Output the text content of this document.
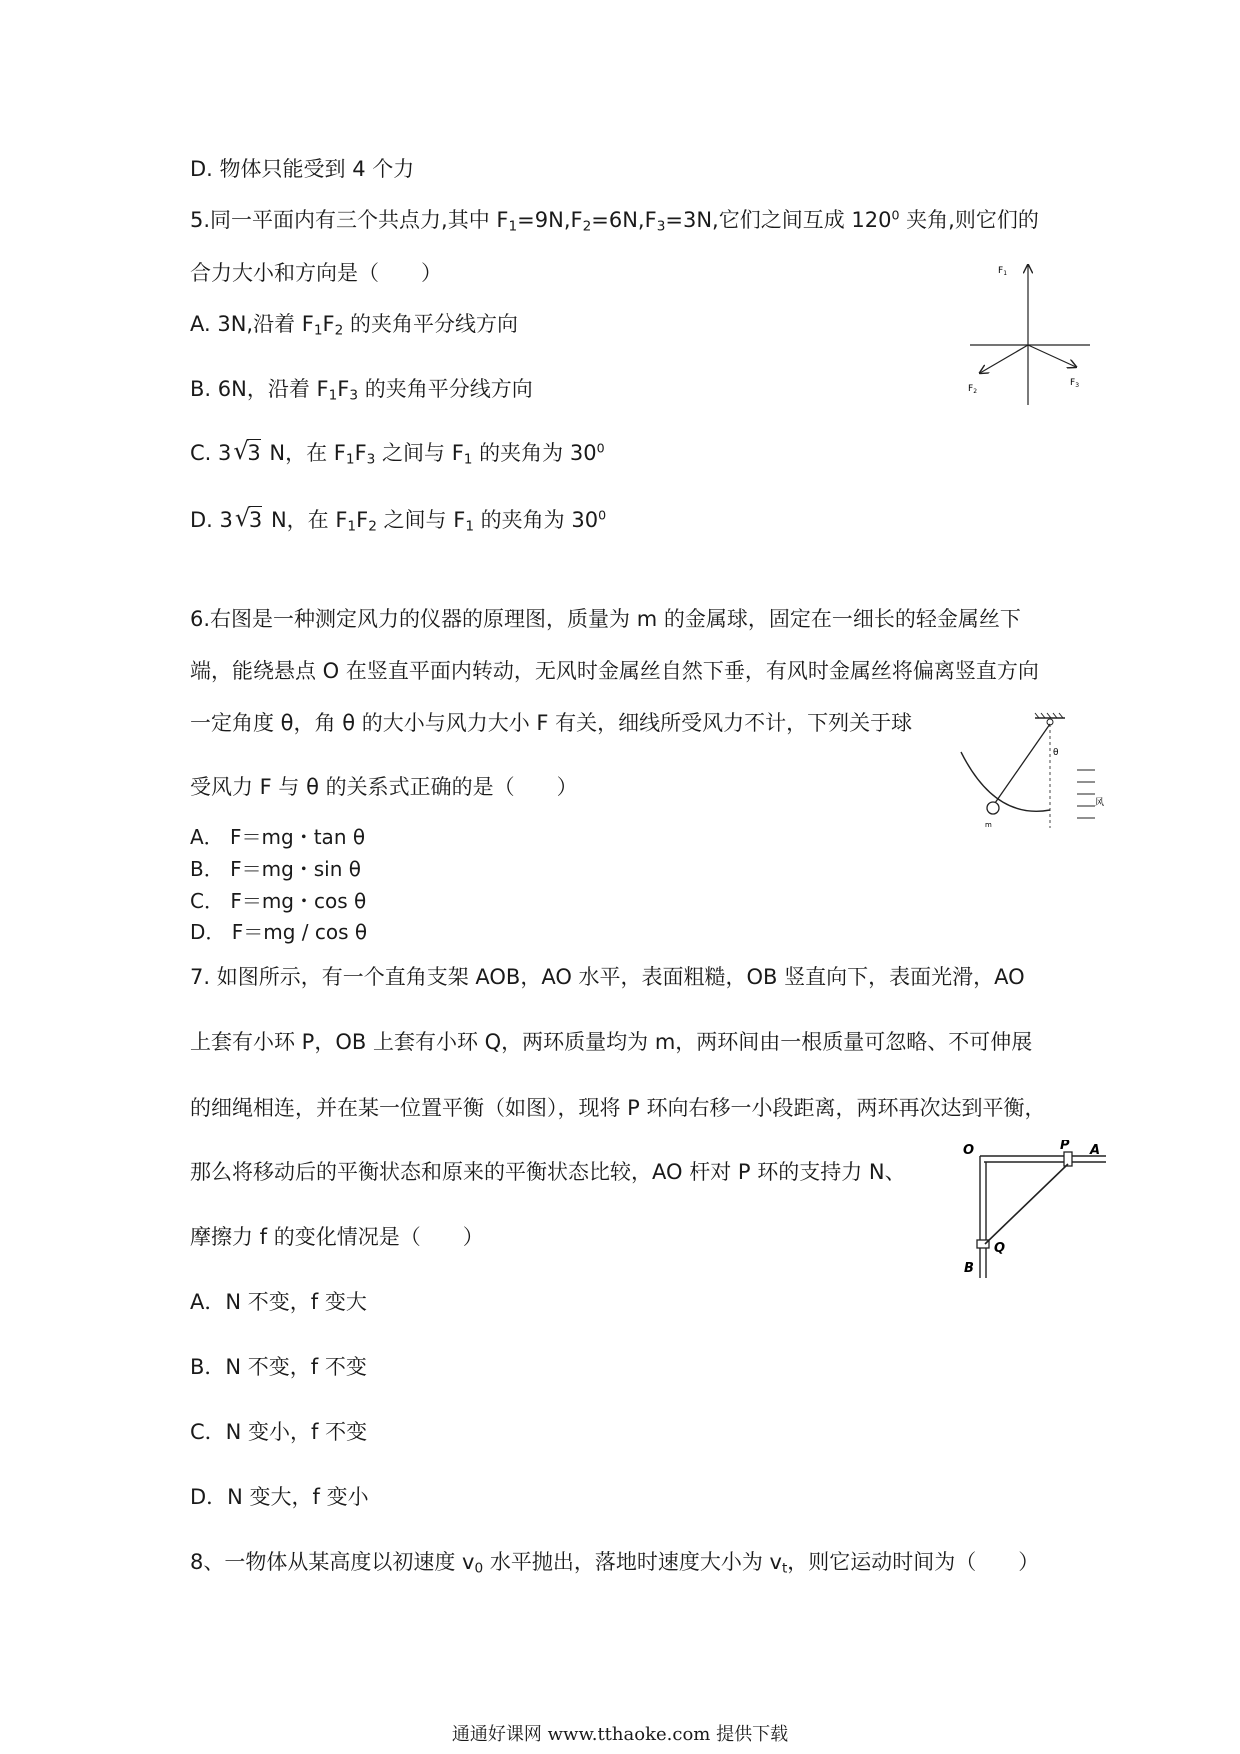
D. 物体只能受到 4 个力
5.同一平面内有三个共点力,其中 $F_1=9N,F_2=6N,F_3=3N$,它们之间互成 $120^0$ 夹角,则它们的
合力大小和方向是（　　）
A. 3N,沿着 $F_1F_2$ 的夹角平分线方向
B. 6N，沿着 $F_1F_3$ 的夹角平分线方向
C. 3 √ 3 N，在 $F_1F_3$ 之间与 $F_1$ 的夹角为 $30^0$
D. 3 √ 3 N，在 $F_1F_2$ 之间与 $F_1$ 的夹角为 $30^0$
$F_1$
$F_2$
$F_3$
6.右图是一种测定风力的仪器的原理图，质量为 m 的金属球，固定在一细长的轻金属丝下
端，能绕悬点 O 在竖直平面内转动，无风时金属丝自然下垂，有风时金属丝将偏离竖直方向
一定角度 θ，角 θ 的大小与风力大小 F 有关，细线所受风力不计，下列关于球
受风力 F 与 θ 的关系式正确的是（　　）
A． F＝mg・tan θ
B． F＝mg・sin θ
C． F＝mg・cos θ
D． F＝mg / cos θ
θ
m
风
7. 如图所示，有一个直角支架 AOB，AO 水平，表面粗糙，OB 竖直向下，表面光滑，AO
上套有小环 P，OB 上套有小环 Q，两环质量均为 m，两环间由一根质量可忽略、不可伸展
的细绳相连，并在某一位置平衡（如图），现将 P 环向右移一小段距离，两环再次达到平衡，
那么将移动后的平衡状态和原来的平衡状态比较，AO 杆对 P 环的支持力 N、
摩擦力 f 的变化情况是（　　）
A．N 不变，f 变大
B．N 不变，f 不变
C．N 变小，f 不变
D．N 变大，f 变小
O	P A
Q
B
8、一物体从某高度以初速度 $v_0$ 水平抛出，落地时速度大小为 $v_t$，则它运动时间为（　　）
通通好课网 www.tthaoke.com 提供下载
